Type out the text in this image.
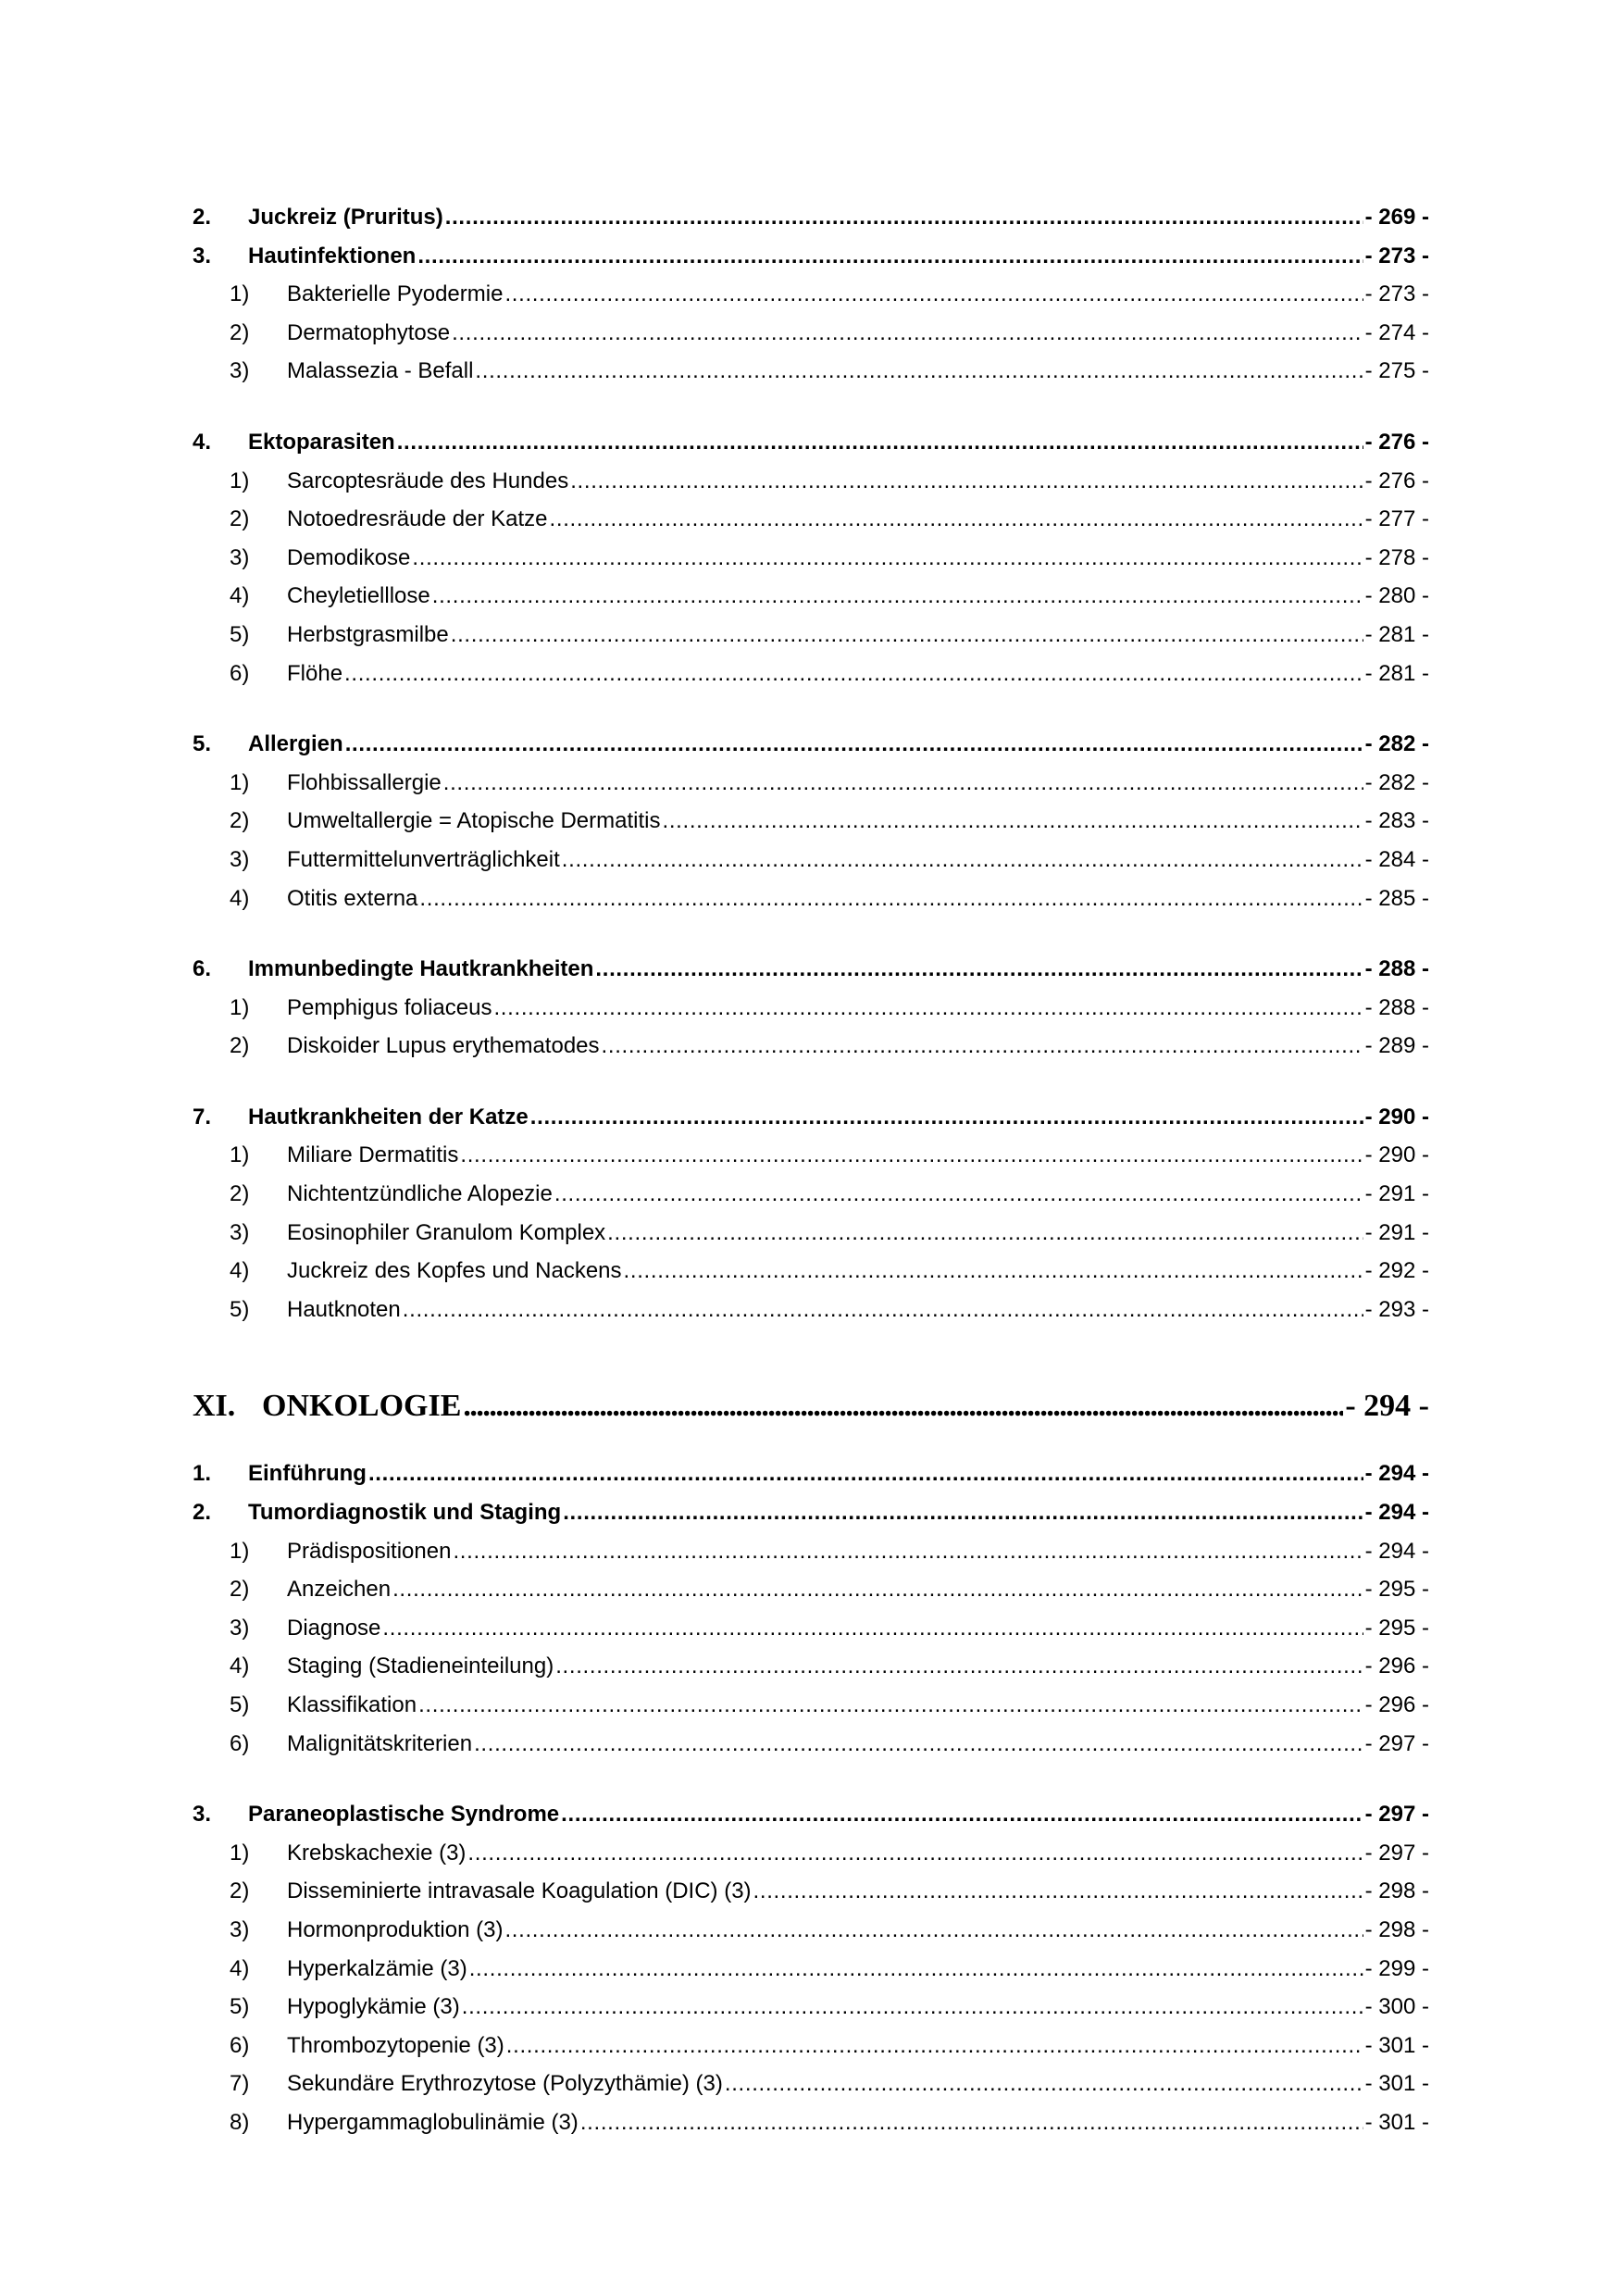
2.	Juckreiz (Pruritus) . . .	- 269 -
3.	Hautinfektionen . . .	- 273 -
1)	Bakterielle Pyodermie . . .	- 273 -
2)	Dermatophytose . . .	- 274 -
3)	Malassezia - Befall . . .	- 275 -
4.	Ektoparasiten . . .	- 276 -
1)	Sarcoptesräude des Hundes . . .	- 276 -
2)	Notoedresräude der Katze . . .	- 277 -
3)	Demodikose . . .	- 278 -
4)	Cheyletielllose . . .	- 280 -
5)	Herbstgrasmilbe . . .	- 281 -
6)	Flöhe . . .	- 281 -
5.	Allergien . . .	- 282 -
1)	Flohbissallergie . . .	- 282 -
2)	Umweltallergie = Atopische Dermatitis . . .	- 283 -
3)	Futtermittelunverträglichkeit . . .	- 284 -
4)	Otitis externa . . .	- 285 -
6.	Immunbedingte Hautkrankheiten . . .	- 288 -
1)	Pemphigus foliaceus . . .	- 288 -
2)	Diskoider Lupus erythematodes . . .	- 289 -
7.	Hautkrankheiten der Katze . . .	- 290 -
1)	Miliare Dermatitis . . .	- 290 -
2)	Nichtentzündliche Alopezie . . .	- 291 -
3)	Eosinophiler Granulom Komplex . . .	- 291 -
4)	Juckreiz des Kopfes und Nackens . . .	- 292 -
5)	Hautknoten . . .	- 293 -
XI. ONKOLOGIE . . .	- 294 -
1.	Einführung . . .	- 294 -
2.	Tumordiagnostik und Staging . . .	- 294 -
1)	Prädispositionen . . .	- 294 -
2)	Anzeichen . . .	- 295 -
3)	Diagnose . . .	- 295 -
4)	Staging (Stadieneinteilung) . . .	- 296 -
5)	Klassifikation . . .	- 296 -
6)	Malignitätskriterien . . .	- 297 -
3.	Paraneoplastische Syndrome . . .	- 297 -
1)	Krebskachexie (3) . . .	- 297 -
2)	Disseminierte intravasale Koagulation (DIC) (3) . . .	- 298 -
3)	Hormonproduktion (3) . . .	- 298 -
4)	Hyperkalzämie (3) . . .	- 299 -
5)	Hypoglykämie (3) . . .	- 300 -
6)	Thrombozytopenie (3) . . .	- 301 -
7)	Sekundäre Erythrozytose (Polyzythämie) (3) . . .	- 301 -
8)	Hypergammaglobulinämie (3) . . .	- 301 -
